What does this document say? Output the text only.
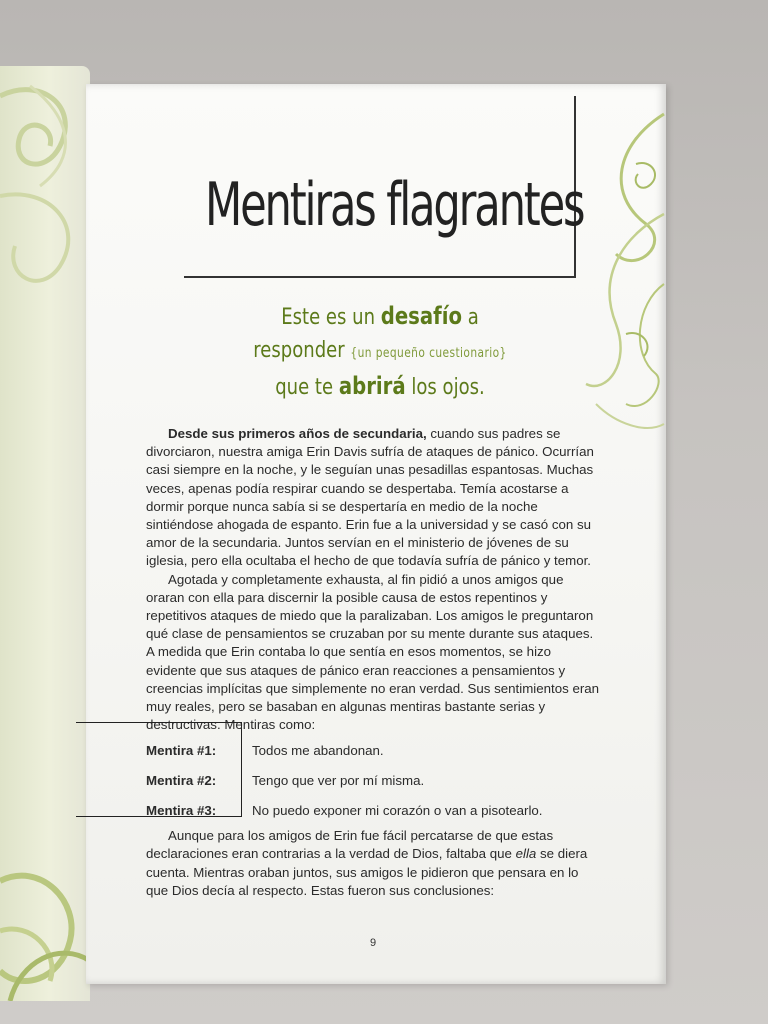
Mentiras flagrantes
Este es un desafío a
responder {un pequeño cuestionario}
que te abrirá los ojos.

Desde sus primeros años de secundaria, cuando sus padres se divorciaron, nuestra amiga Erin Davis sufría de ataques de pánico. Ocurrían casi siempre en la noche, y le seguían unas pesadillas espantosas. Muchas veces, apenas podía respirar cuando se despertaba. Temía acostarse a dormir porque nunca sabía si se despertaría en medio de la noche sintiéndose ahogada de espanto. Erin fue a la universidad y se casó con su amor de la secundaria. Juntos servían en el ministerio de jóvenes de su iglesia, pero ella ocultaba el hecho de que todavía sufría de pánico y temor.

Agotada y completamente exhausta, al fin pidió a unos amigos que oraran con ella para discernir la posible causa de estos repentinos y repetitivos ataques de miedo que la paralizaban. Los amigos le preguntaron qué clase de pensamientos se cruzaban por su mente durante sus ataques. A medida que Erin contaba lo que sentía en esos momentos, se hizo evidente que sus ataques de pánico eran reacciones a pensamientos y creencias implícitas que simplemente no eran verdad. Sus sentimientos eran muy reales, pero se basaban en algunas mentiras bastante serias y destructivas. Mentiras como:

Mentira #1:	Todos me abandonan.
Mentira #2:	Tengo que ver por mí misma.
Mentira #3:	No puedo exponer mi corazón o van a pisotearlo.

Aunque para los amigos de Erin fue fácil percatarse de que estas declaraciones eran contrarias a la verdad de Dios, faltaba que ella se diera cuenta. Mientras oraban juntos, sus amigos le pidieron que pensara en lo que Dios decía al respecto. Estas fueron sus conclusiones:

9
